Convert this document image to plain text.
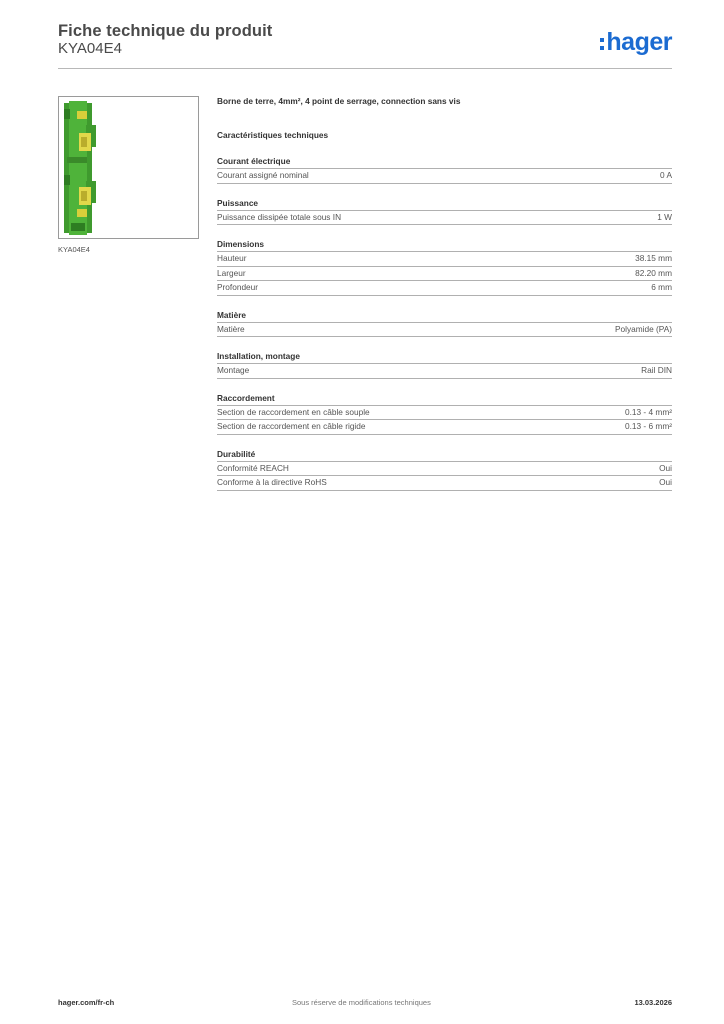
Fiche technique du produit
KYA04E4	hager
KYA04E4
Borne de terre, 4mm², 4 point de serrage, connection sans vis
Caractéristiques techniques
Courant électrique
Courant assigné nominal	0 A
Puissance
Puissance dissipée totale sous IN	1 W
Dimensions
Hauteur	38.15 mm
Largeur	82.20 mm
Profondeur	6 mm
Matière
Matière	Polyamide (PA)
Installation, montage
Montage	Rail DIN
Raccordement
Section de raccordement en câble souple	0.13 - 4 mm²
Section de raccordement en câble rigide	0.13 - 6 mm²
Durabilité
Conformité REACH	Oui
Conforme à la directive RoHS	Oui
hager.com/fr-ch	Sous réserve de modifications techniques	13.03.2026
